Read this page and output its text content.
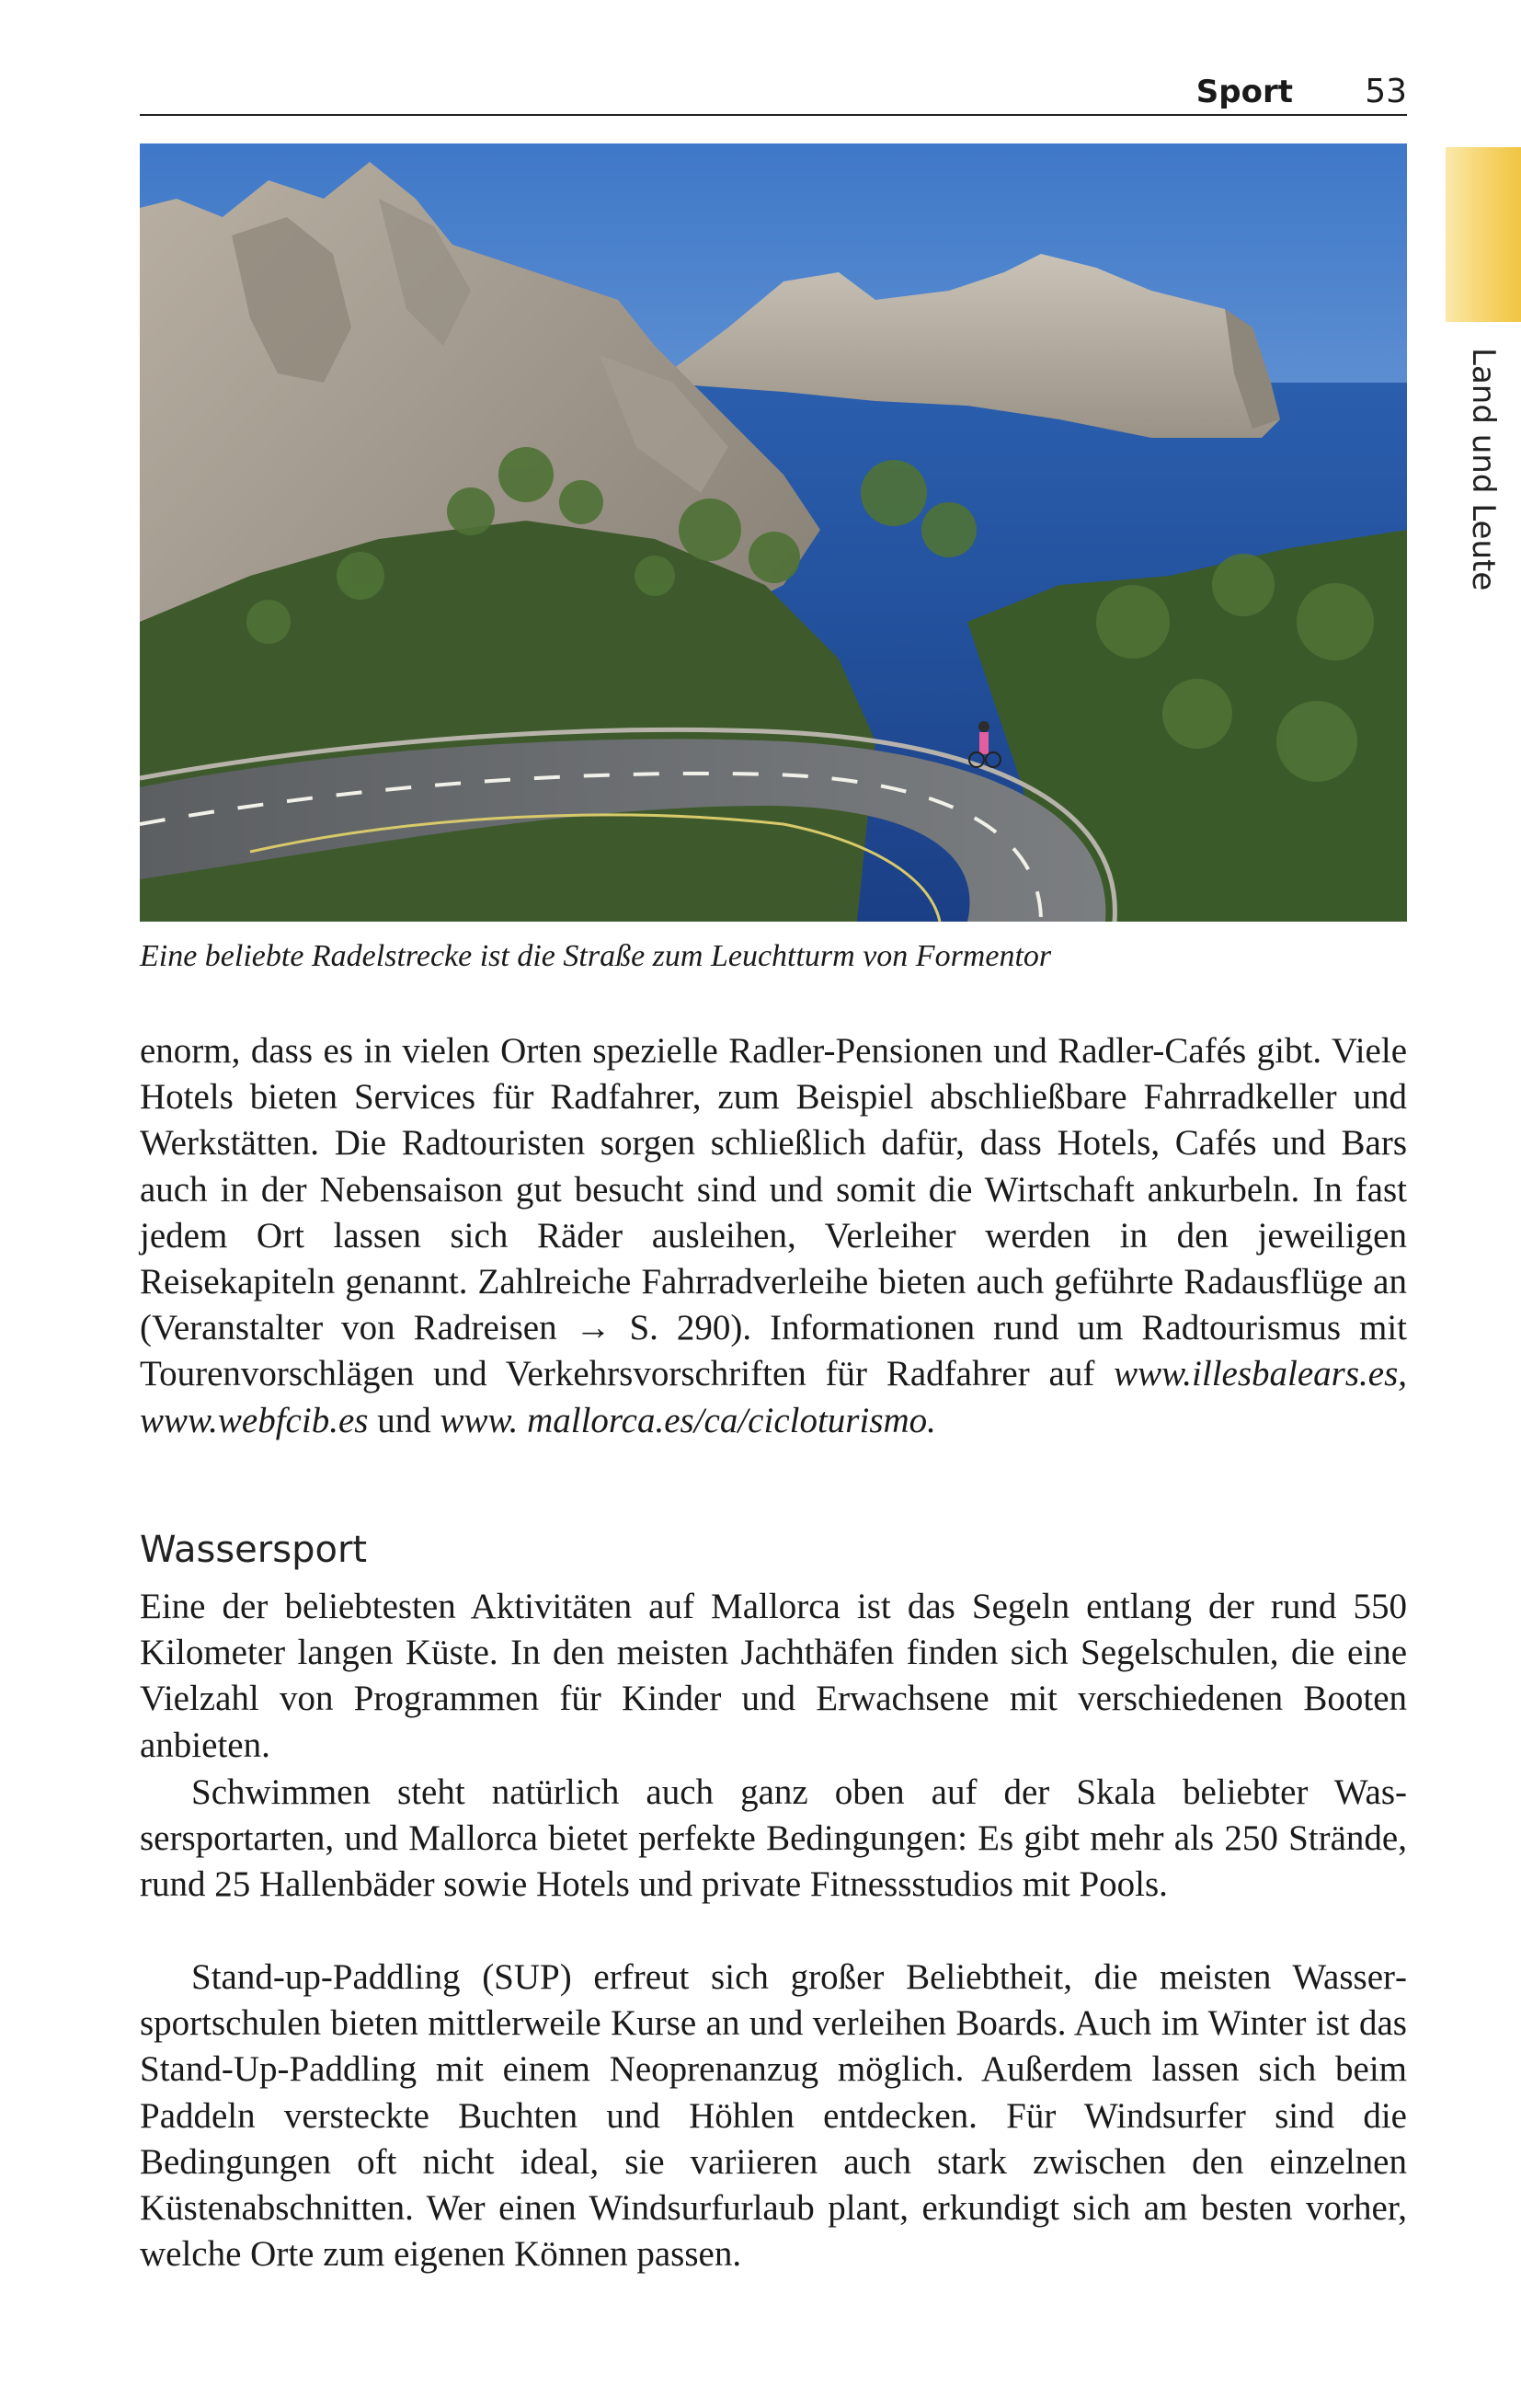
Sport 53
Land und Leute
Eine beliebte Radelstrecke ist die Straße zum Leuchtturm von Formentor

enorm, dass es in vielen Orten spezielle Radler-Pensionen und Radler-Cafés gibt. Viele Hotels bieten Services für Radfahrer, zum Beispiel abschließbare Fahrradkeller und Werkstätten. Die Radtouristen sorgen schließlich dafür, dass Hotels, Cafés und Bars auch in der Nebensaison gut besucht sind und somit die Wirtschaft ankurbeln. In fast jedem Ort lassen sich Räder ausleihen, Verleiher werden in den jeweiligen Reisekapiteln genannt. Zahlreiche Fahrradverleihe bieten auch geführte Radausflüge an (Veranstalter von Radreisen → S. 290). Informationen rund um Radtourismus mit Tourenvorschlägen und Verkehrsvorschriften für Radfahrer auf www.illesbalears.es, www.webfcib.es und www. mallorca.es/ca/cicloturismo.

Wassersport

Eine der beliebtesten Aktivitäten auf Mallorca ist das Segeln entlang der rund 550 Kilometer langen Küste. In den meisten Jachthäfen finden sich Segelschulen, die eine Vielzahl von Programmen für Kinder und Erwachsene mit verschiedenen Booten anbieten.

Schwimmen steht natürlich auch ganz oben auf der Skala beliebter Wassersportarten, und Mallorca bietet perfekte Bedingungen: Es gibt mehr als 250 Strände, rund 25 Hallenbäder sowie Hotels und private Fitnessstudios mit Pools.

Stand-up-Paddling (SUP) erfreut sich großer Beliebtheit, die meisten Wassersportschulen bieten mittlerweile Kurse an und verleihen Boards. Auch im Winter ist das Stand-Up-Paddling mit einem Neoprenanzug möglich. Außerdem lassen sich beim Paddeln versteckte Buchten und Höhlen entdecken. Für Windsurfer sind die Bedingungen oft nicht ideal, sie variieren auch stark zwischen den einzelnen Küstenabschnitten. Wer einen Windsurfurlaub plant, erkundigt sich am besten vorher, welche Orte zum eigenen Können passen.
